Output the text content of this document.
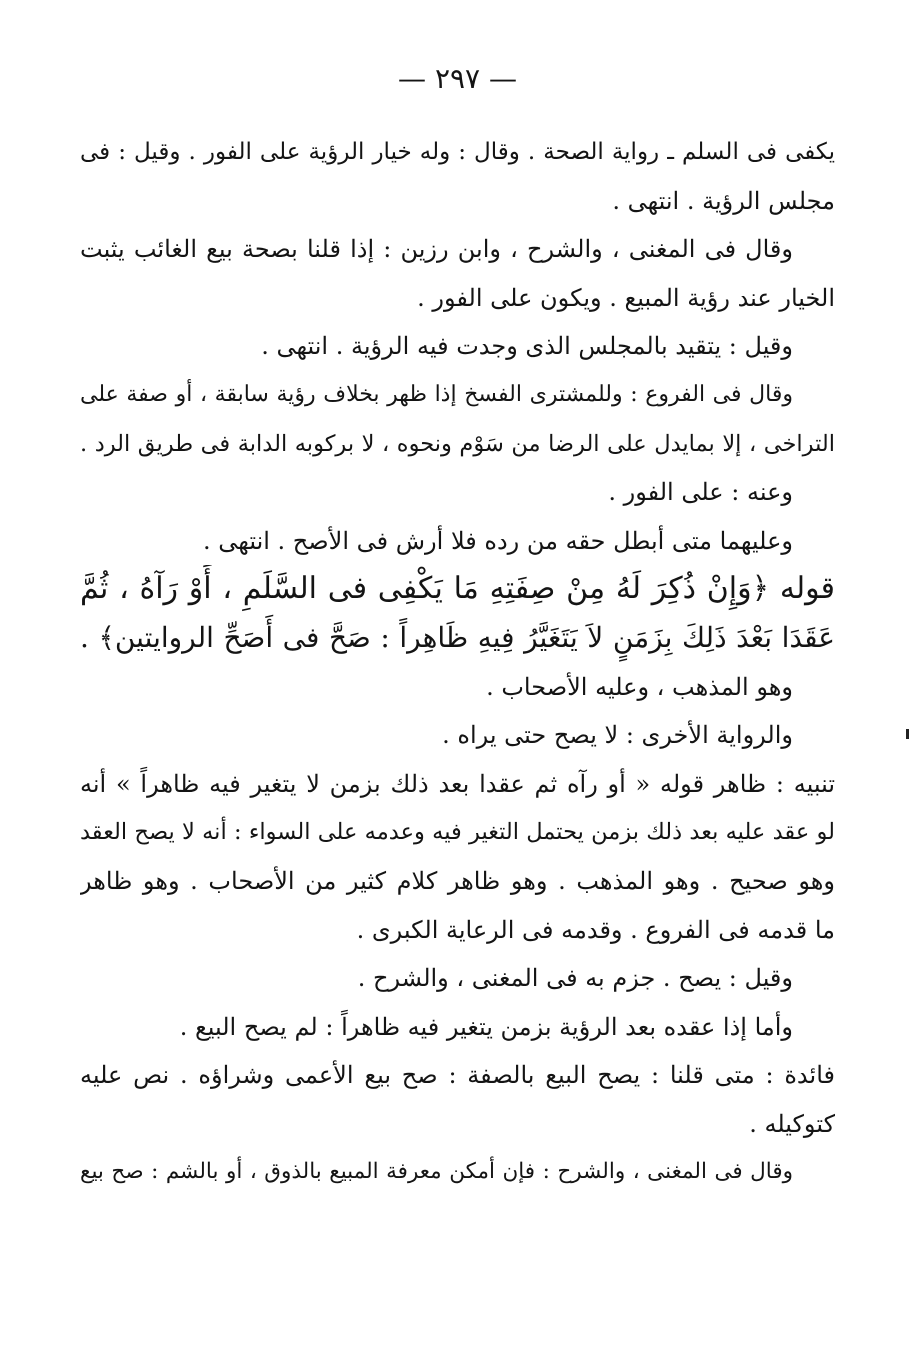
— ٢٩٧ —
يكفى فى السلم ـ رواية الصحة . وقال : وله خيار الرؤية على الفور . وقيل : فى
مجلس الرؤية . انتهى .
وقال فى المغنى ، والشرح ، وابن رزين : إذا قلنا بصحة بيع الغائب يثبت
الخيار عند رؤية المبيع . ويكون على الفور .
وقيل : يتقيد بالمجلس الذى وجدت فيه الرؤية . انتهى .
وقال فى الفروع : وللمشترى الفسخ إذا ظهر بخلاف رؤية سابقة ، أو صفة على
التراخى ، إلا بمايدل على الرضا من سَوْم ونحوه ، لا بركوبه الدابة فى طريق الرد .
وعنه : على الفور .
وعليهما متى أبطل حقه من رده فلا أرش فى الأصح . انتهى .
قوله ﴿وَإِنْ ذُكِرَ لَهُ مِنْ صِفَتِهِ مَا يَكْفِى فى السَّلَمِ ، أَوْ رَآهُ ، ثُمَّ
عَقَدَا بَعْدَ ذَلِكَ بِزَمَنٍ لاَ يَتَغَيَّرُ فِيهِ ظَاهِراً : صَحَّ فى أَصَحِّ الروايتين﴾ .
وهو المذهب ، وعليه الأصحاب .
والرواية الأخرى : لا يصح حتى يراه .
تنبيه : ظاهر قوله « أو رآه ثم عقدا بعد ذلك بزمن لا يتغير فيه ظاهراً » أنه
لو عقد عليه بعد ذلك بزمن يحتمل التغير فيه وعدمه على السواء : أنه لا يصح العقد
وهو صحيح . وهو المذهب . وهو ظاهر كلام كثير من الأصحاب . وهو ظاهر
ما قدمه فى الفروع . وقدمه فى الرعاية الكبرى .
وقيل : يصح . جزم به فى المغنى ، والشرح .
وأما إذا عقده بعد الرؤية بزمن يتغير فيه ظاهراً : لم يصح البيع .
فائدة : متى قلنا : يصح البيع بالصفة : صح بيع الأعمى وشراؤه . نص عليه
كتوكيله .
وقال فى المغنى ، والشرح : فإن أمكن معرفة المبيع بالذوق ، أو بالشم : صح بيع
